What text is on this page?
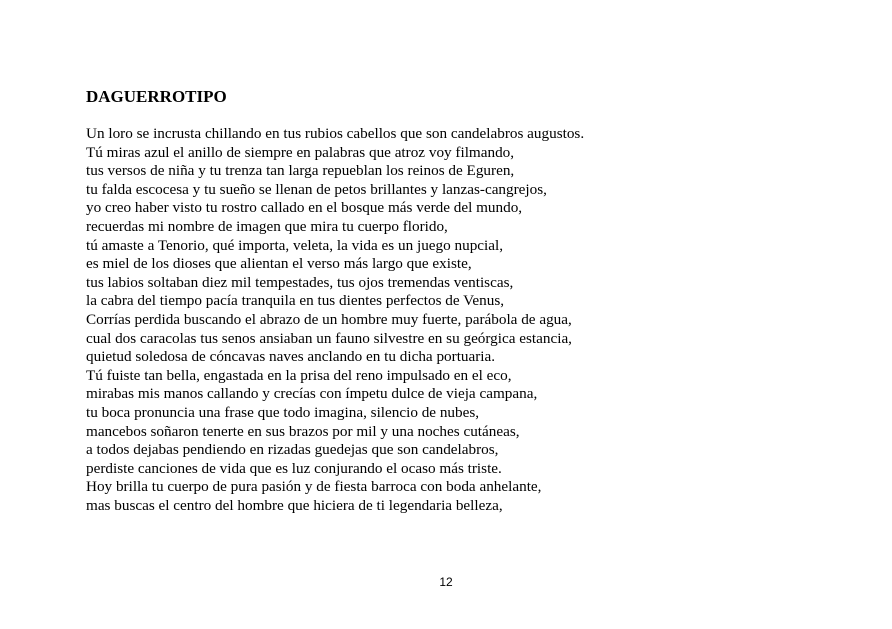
DAGUERROTIPO
Un loro se incrusta chillando en tus rubios cabellos que son candelabros augustos.
Tú miras azul el anillo de siempre en palabras que atroz voy filmando,
tus versos de niña y tu trenza tan larga repueblan los reinos de Eguren,
tu falda escocesa y tu sueño se llenan de petos brillantes y lanzas-cangrejos,
yo creo haber visto tu rostro callado en el bosque más verde del mundo,
recuerdas mi nombre de imagen que mira tu cuerpo florido,
tú amaste a Tenorio, qué importa, veleta, la vida es un juego nupcial,
es miel de los dioses que alientan el verso más largo que existe,
tus labios soltaban diez mil tempestades, tus ojos tremendas ventiscas,
la cabra del tiempo pacía tranquila en tus dientes perfectos de Venus,
Corrías perdida buscando el abrazo de un hombre muy fuerte, parábola de agua,
cual dos caracolas tus senos ansiaban un fauno silvestre en su geórgica estancia,
quietud soledosa de cóncavas naves anclando en tu dicha portuaria.
Tú fuiste tan bella, engastada en la prisa del reno impulsado en el eco,
mirabas mis manos callando y crecías con ímpetu dulce de vieja campana,
tu boca pronuncia una frase que todo imagina, silencio de nubes,
mancebos soñaron tenerte en sus brazos por mil y una noches cutáneas,
a todos dejabas pendiendo en rizadas guedejas que son candelabros,
perdiste canciones de vida que es luz conjurando el ocaso más triste.
Hoy brilla tu cuerpo de pura pasión y de fiesta barroca con boda anhelante,
mas buscas el centro del hombre que hiciera de ti legendaria belleza,
12
